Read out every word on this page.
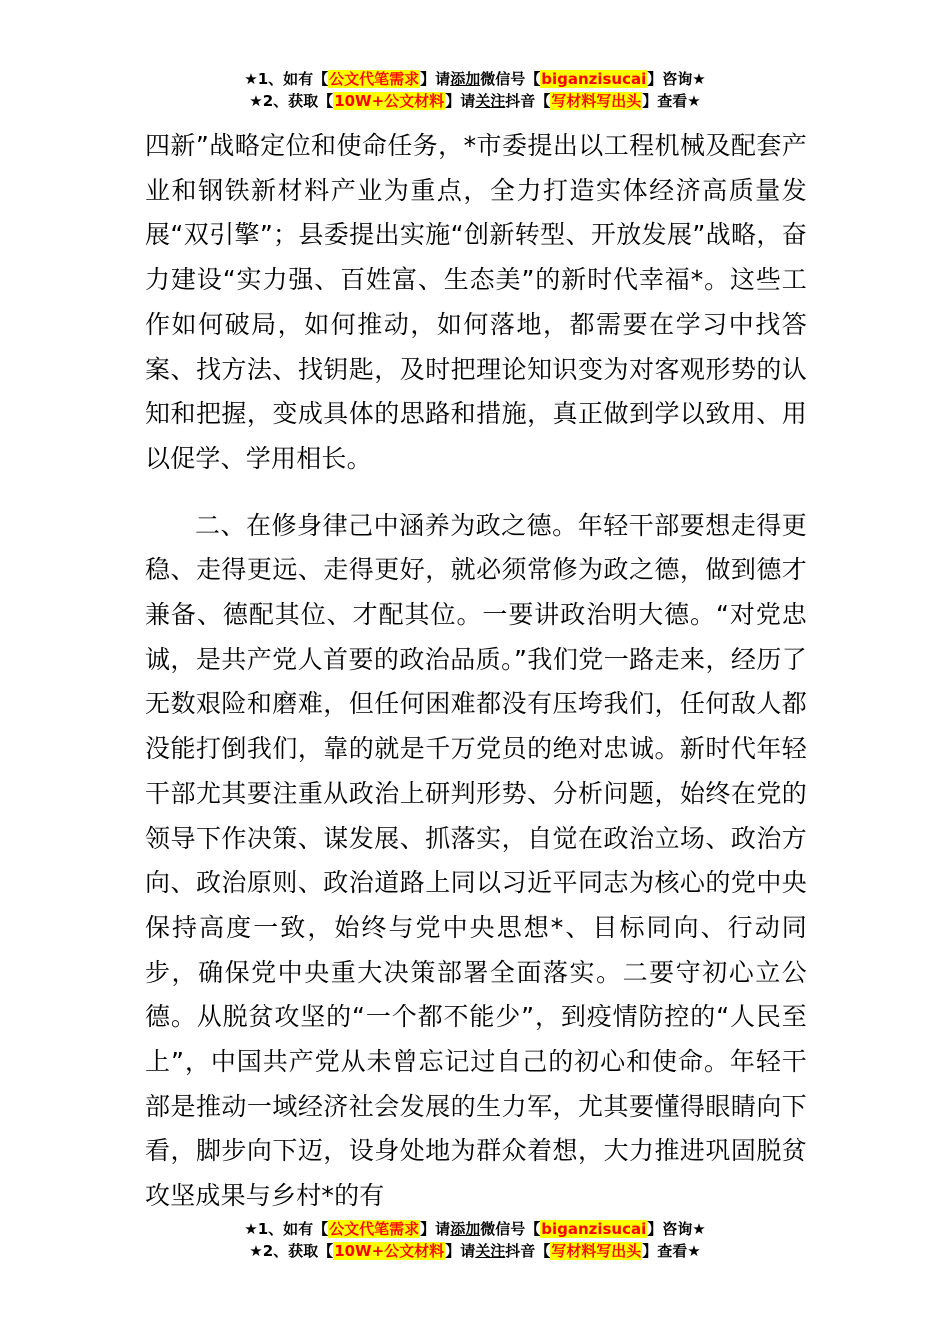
★1、如有【公文代笔需求】请添加微信号【biganzisucai】咨询★
★2、获取【10W+公文材料】请关注抖音【写材料写出头】查看★

四新”战略定位和使命任务，*市委提出以工程机械及配套产业和钢铁新材料产业为重点，全力打造实体经济高质量发展“双引擎”；县委提出实施“创新转型、开放发展”战略，奋力建设“实力强、百姓富、生态美”的新时代幸福*。这些工作如何破局，如何推动，如何落地，都需要在学习中找答案、找方法、找钥匙，及时把理论知识变为对客观形势的认知和把握，变成具体的思路和措施，真正做到学以致用、用以促学、学用相长。

二、在修身律己中涵养为政之德。年轻干部要想走得更稳、走得更远、走得更好，就必须常修为政之德，做到德才兼备、德配其位、才配其位。一要讲政治明大德。“对党忠诚，是共产党人首要的政治品质。”我们党一路走来，经历了无数艰险和磨难，但任何困难都没有压垮我们，任何敌人都没能打倒我们，靠的就是千万党员的绝对忠诚。新时代年轻干部尤其要注重从政治上研判形势、分析问题，始终在党的领导下作决策、谋发展、抓落实，自觉在政治立场、政治方向、政治原则、政治道路上同以习近平同志为核心的党中央保持高度一致，始终与党中央思想*、目标同向、行动同步，确保党中央重大决策部署全面落实。二要守初心立公德。从脱贫攻坚的“一个都不能少”，到疫情防控的“人民至上”，中国共产党从未曾忘记过自己的初心和使命。年轻干部是推动一域经济社会发展的生力军，尤其要懂得眼睛向下看，脚步向下迈，设身处地为群众着想，大力推进巩固脱贫攻坚成果与乡村*的有

★1、如有【公文代笔需求】请添加微信号【biganzisucai】咨询★
★2、获取【10W+公文材料】请关注抖音【写材料写出头】查看★
